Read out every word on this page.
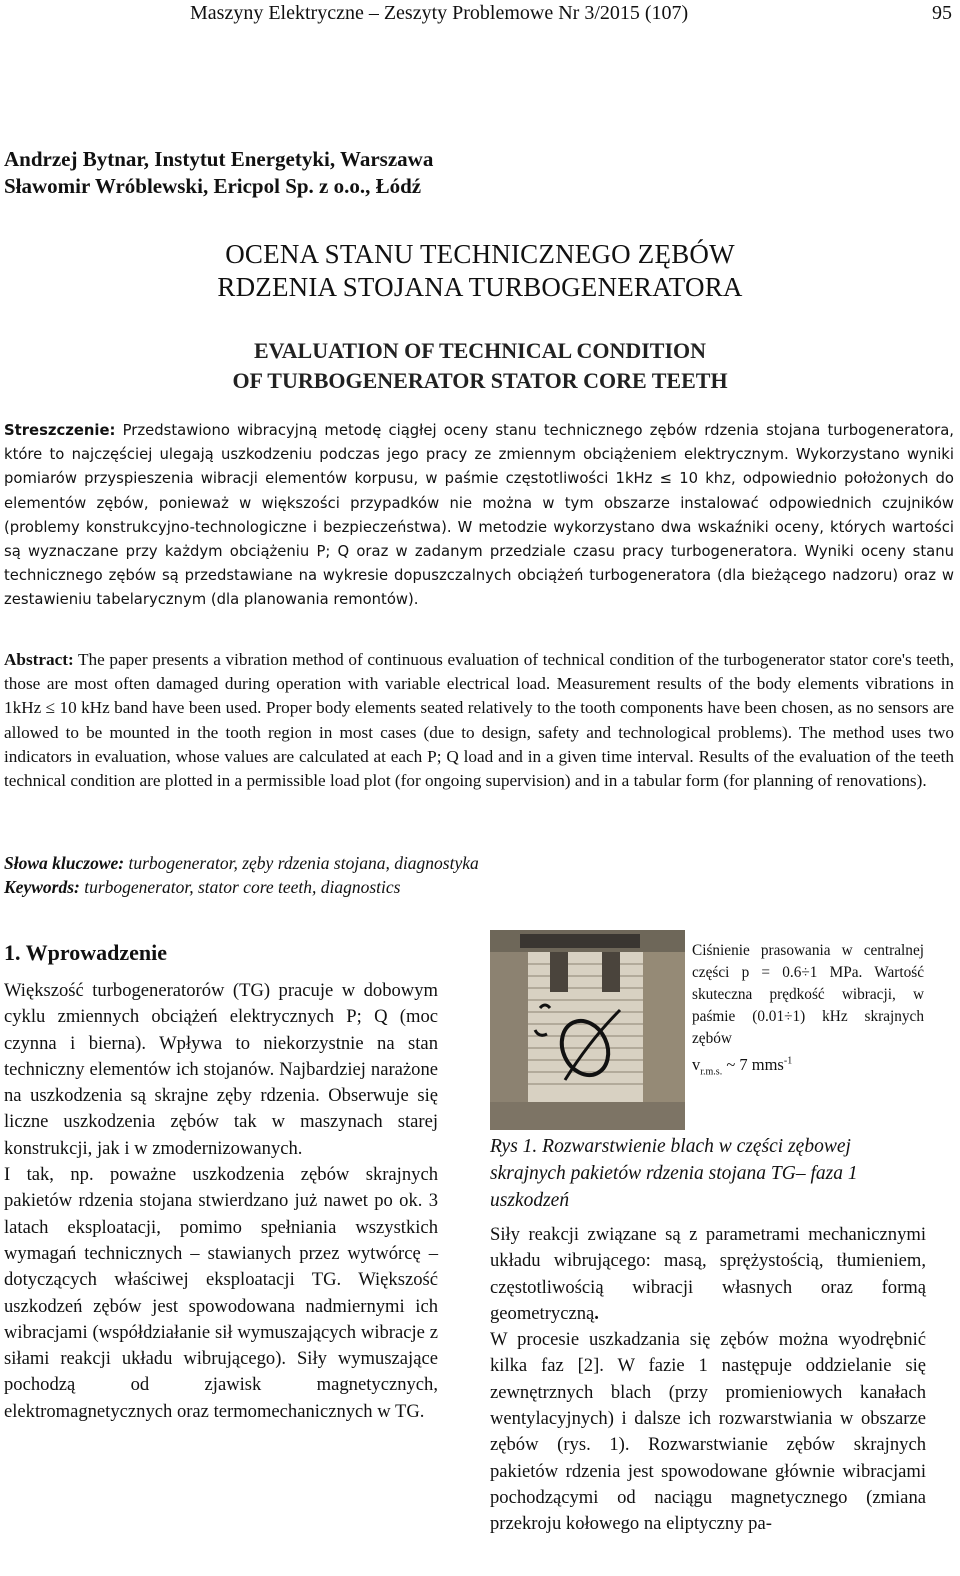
Maszyny Elektryczne – Zeszyty Problemowe Nr 3/2015 (107)	95
Andrzej Bytnar, Instytut Energetyki, Warszawa
Sławomir Wróblewski, Ericpol Sp. z o.o., Łódź
OCENA STANU TECHNICZNEGO ZĘBÓW
RDZENIA STOJANA TURBOGENERATORA
EVALUATION OF TECHNICAL CONDITION
OF TURBOGENERATOR STATOR CORE TEETH
Streszczenie: Przedstawiono wibracyjną metodę ciągłej oceny stanu technicznego zębów rdzenia stojana turbogeneratora, które to najczęściej ulegają uszkodzeniu podczas jego pracy ze zmiennym obciążeniem elektrycznym. Wykorzystano wyniki pomiarów przyspieszenia wibracji elementów korpusu, w paśmie częstotliwości 1kHz ≤ 10 khz, odpowiednio położonych do elementów zębów, ponieważ w większości przypadków nie można w tym obszarze instalować odpowiednich czujników (problemy konstrukcyjno-technologiczne i bezpieczeństwa). W metodzie wykorzystano dwa wskaźniki oceny, których wartości są wyznaczane przy każdym obciążeniu P; Q oraz w zadanym przedziale czasu pracy turbogeneratora. Wyniki oceny stanu technicznego zębów są przedstawiane na wykresie dopuszczalnych obciążeń turbogeneratora (dla bieżącego nadzoru) oraz w zestawieniu tabelarycznym (dla planowania remontów).
Abstract: The paper presents a vibration method of continuous evaluation of technical condition of the turbogenerator stator core's teeth, those are most often damaged during operation with variable electrical load. Measurement results of the body elements vibrations in 1kHz ≤ 10 kHz band have been used. Proper body elements seated relatively to the tooth components have been chosen, as no sensors are allowed to be mounted in the tooth region in most cases (due to design, safety and technological problems). The method uses two indicators in evaluation, whose values are calculated at each P; Q load and in a given time interval. Results of the evaluation of the teeth technical condition are plotted in a permissible load plot (for ongoing supervision) and in a tabular form (for planning of renovations).
Słowa kluczowe: turbogenerator, zęby rdzenia stojana, diagnostyka
Keywords: turbogenerator, stator core teeth, diagnostics
1. Wprowadzenie

Większość turbogeneratorów (TG) pracuje w dobowym cyklu zmiennych obciążeń elektrycznych P; Q (moc czynna i bierna). Wpływa to niekorzystnie na stan techniczny elementów ich stojanów. Najbardziej narażone na uszkodzenia są skrajne zęby rdzenia. Obserwuje się liczne uszkodzenia zębów tak w maszynach starej konstrukcji, jak i w zmodernizowanych.

I tak, np. poważne uszkodzenia zębów skrajnych pakietów rdzenia stojana stwierdzano już nawet po ok. 3 latach eksploatacji, pomimo spełniania wszystkich wymagań technicznych – stawianych przez wytwórcę – dotyczących właściwej eksploatacji TG. Większość uszkodzeń zębów jest spowodowana nadmiernymi ich wibracjami (współdziałanie sił wymuszających wibracje z siłami reakcji układu wibrującego). Siły wymuszające pochodzą od zjawisk magnetycznych, elektromagnetycznych oraz termomechanicznych w TG.

Ciśnienie prasowania w centralnej części p = 0.6÷1 MPa. Wartość skuteczna prędkość wibracji, w paśmie (0.01÷1) kHz skrajnych zębów
$v_{r.m.s.}$ ~ 7 mms$^{-1}$
Rys 1. Rozwarstwienie blach w części zębowej skrajnych pakietów rdzenia stojana TG– faza 1 uszkodzeń

Siły reakcji związane są z parametrami mechanicznymi układu wibrującego: masą, sprężystością, tłumieniem, częstotliwością wibracji własnych oraz formą geometryczną.

W procesie uszkadzania się zębów można wyodrębnić kilka faz [2]. W fazie 1 następuje oddzielanie się zewnętrznych blach (przy promieniowych kanałach wentylacyjnych) i dalsze ich rozwarstwiania w obszarze zębów (rys. 1). Rozwarstwianie zębów skrajnych pakietów rdzenia jest spowodowane głównie wibracjami pochodzącymi od naciągu magnetycznego (zmiana przekroju kołowego na eliptyczny pa-
